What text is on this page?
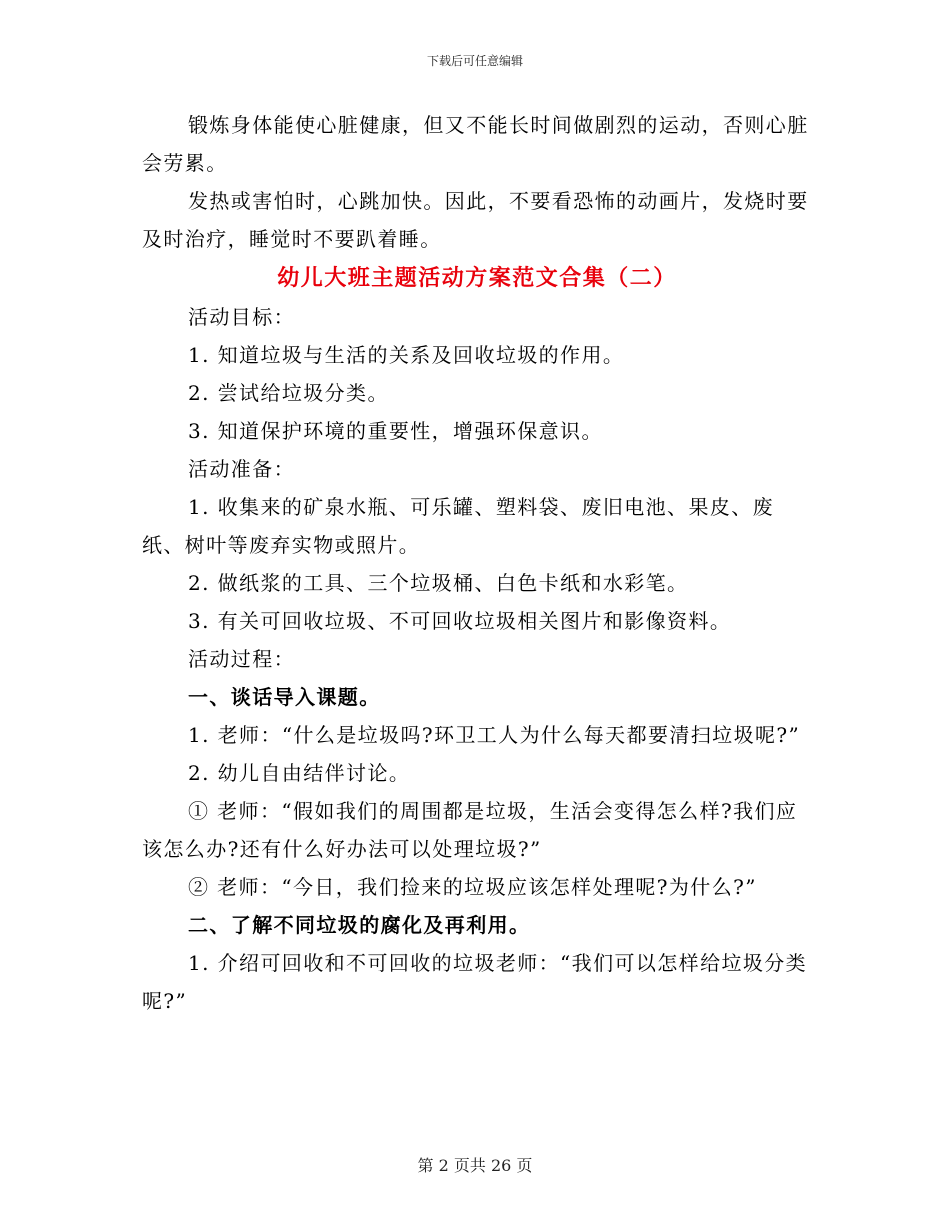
下载后可任意编辑

锻炼身体能使心脏健康，但又不能长时间做剧烈的运动，否则心脏会劳累。

发热或害怕时，心跳加快。因此，不要看恐怖的动画片，发烧时要及时治疗，睡觉时不要趴着睡。

幼儿大班主题活动方案范文合集（二）

活动目标：

1. 知道垃圾与生活的关系及回收垃圾的作用。

2. 尝试给垃圾分类。

3. 知道保护环境的重要性，增强环保意识。

活动准备：

1. 收集来的矿泉水瓶、可乐罐、塑料袋、废旧电池、果皮、废纸、树叶等废弃实物或照片。

2. 做纸浆的工具、三个垃圾桶、白色卡纸和水彩笔。

3. 有关可回收垃圾、不可回收垃圾相关图片和影像资料。

活动过程：

一、谈话导入课题。

1. 老师：“什么是垃圾吗?环卫工人为什么每天都要清扫垃圾呢?”

2. 幼儿自由结伴讨论。

① 老师：“假如我们的周围都是垃圾，生活会变得怎么样?我们应该怎么办?还有什么好办法可以处理垃圾?”

② 老师：“今日，我们捡来的垃圾应该怎样处理呢?为什么?”

二、了解不同垃圾的腐化及再利用。

1. 介绍可回收和不可回收的垃圾老师：“我们可以怎样给垃圾分类呢?”

第 2 页共 26 页
